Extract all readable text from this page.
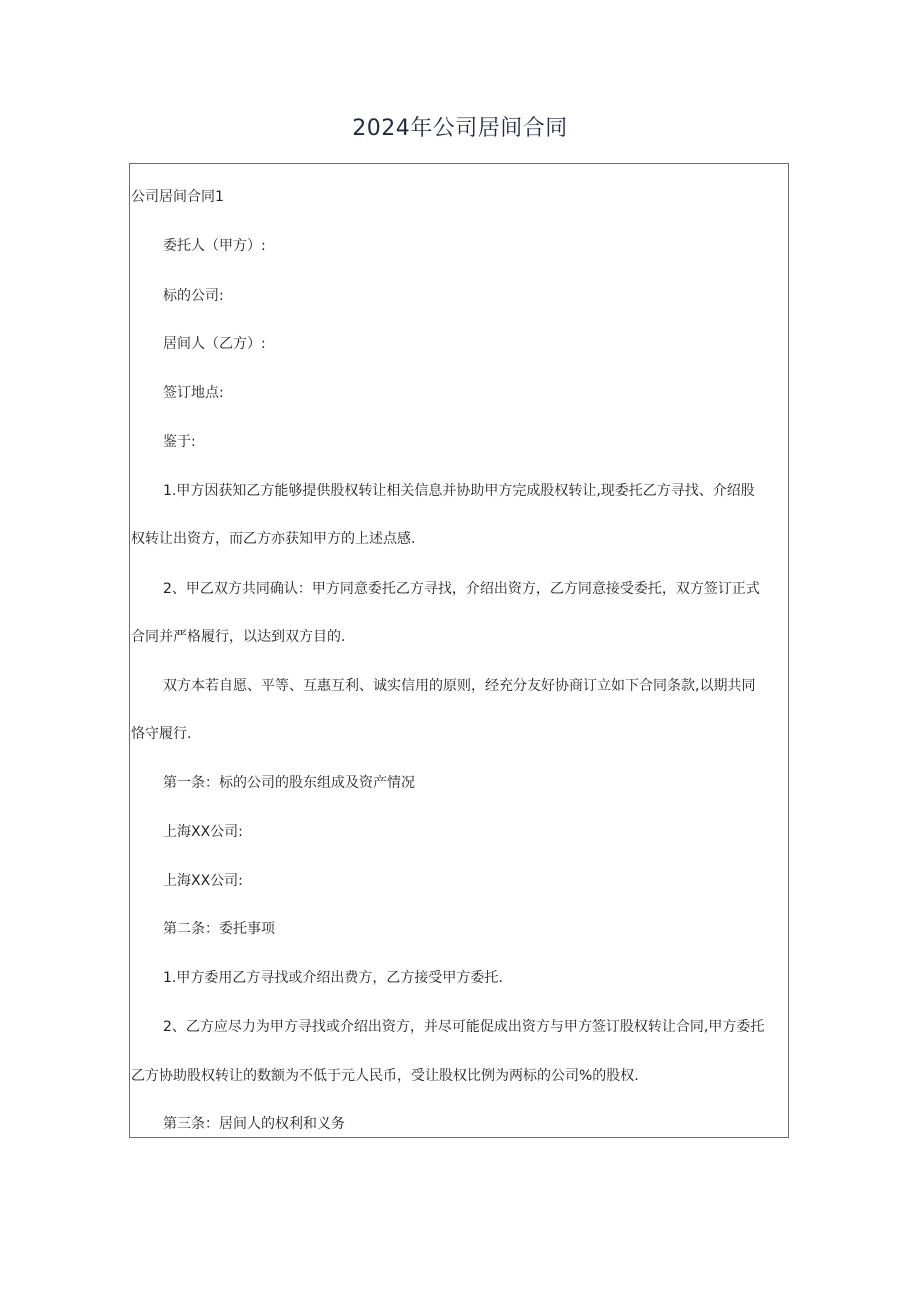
2024年公司居间合同
公司居间合同1
委托人（甲方）:
标的公司:
居间人（乙方）:
签订地点:
鉴于:
1.甲方因获知乙方能够提供股权转让相关信息并协助甲方完成股权转让,现委托乙方寻找、介绍股
权转让出资方，而乙方亦获知甲方的上述点感.
2、甲乙双方共同确认：甲方同意委托乙方寻找，介绍出资方，乙方同意接受委托，双方签订正式
合同并严格履行，以达到双方目的.
双方本若自愿、平等、互惠互利、诚实信用的原则，经充分友好协商订立如下合同条款,以期共同
恪守履行.
第一条：标的公司的股东组成及资产情况
上海XX公司:
上海XX公司:
第二条：委托事项
1.甲方委用乙方寻找或介绍出费方，乙方接受甲方委托.
2、乙方应尽力为甲方寻找或介绍出资方，并尽可能促成出资方与甲方签订股权转让合同,甲方委托
乙方协助股权转让的数额为不低于元人民币，受让股权比例为两标的公司%的股权.
第三条：居间人的权利和义务
